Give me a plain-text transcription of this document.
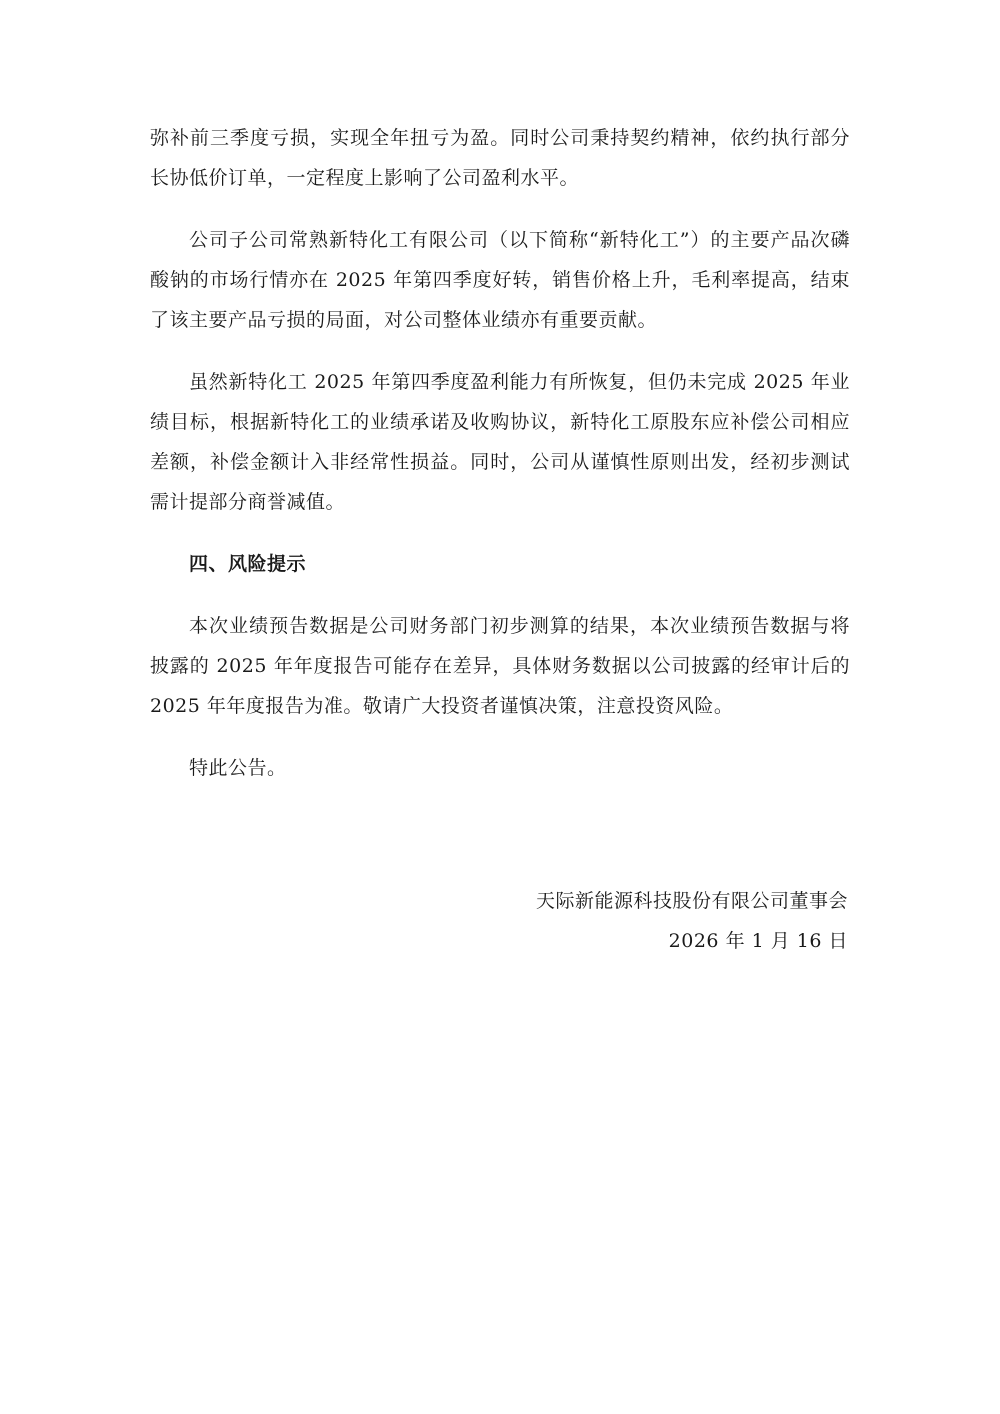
弥补前三季度亏损，实现全年扭亏为盈。同时公司秉持契约精神，依约执行部分长协低价订单，一定程度上影响了公司盈利水平。

公司子公司常熟新特化工有限公司（以下简称“新特化工”）的主要产品次磷酸钠的市场行情亦在 2025 年第四季度好转，销售价格上升，毛利率提高，结束了该主要产品亏损的局面，对公司整体业绩亦有重要贡献。

虽然新特化工 2025 年第四季度盈利能力有所恢复，但仍未完成 2025 年业绩目标，根据新特化工的业绩承诺及收购协议，新特化工原股东应补偿公司相应差额，补偿金额计入非经常性损益。同时，公司从谨慎性原则出发，经初步测试需计提部分商誉减值。

四、风险提示

本次业绩预告数据是公司财务部门初步测算的结果，本次业绩预告数据与将披露的 2025 年年度报告可能存在差异，具体财务数据以公司披露的经审计后的 2025 年年度报告为准。敬请广大投资者谨慎决策，注意投资风险。

特此公告。

天际新能源科技股份有限公司董事会
2026 年 1 月 16 日
